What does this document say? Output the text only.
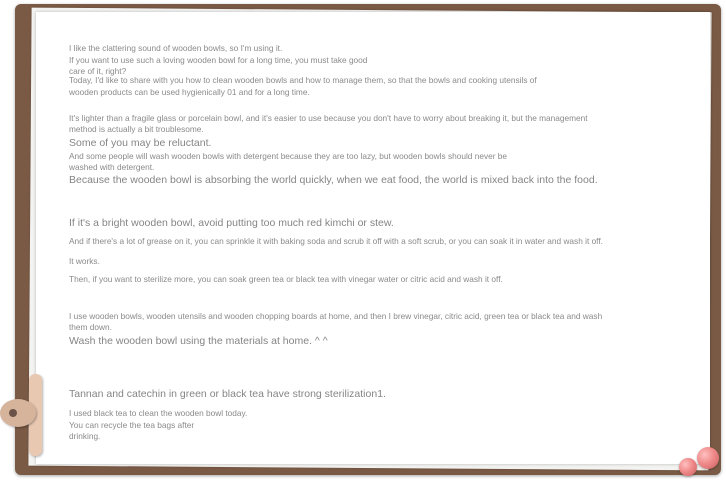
I like the clattering sound of wooden bowls, so I'm using it.
If you want to use such a loving wooden bowl for a long time, you must take good
care of it, right?
Today, I'd like to share with you how to clean wooden bowls and how to manage them, so that the bowls and cooking utensils of
wooden products can be used hygienically 01 and for a long time.
It's lighter than a fragile glass or porcelain bowl, and it's easier to use because you don't have to worry about breaking it, but the management
method is actually a bit troublesome.
Some of you may be reluctant.
And some people will wash wooden bowls with detergent because they are too lazy, but wooden bowls should never be
washed with detergent.
Because the wooden bowl is absorbing the world quickly, when we eat food, the world is mixed back into the food.
If it's a bright wooden bowl, avoid putting too much red kimchi or stew.
And if there's a lot of grease on it, you can sprinkle it with baking soda and scrub it off with a soft scrub, or you can soak it in water and wash it off.
It works.
Then, if you want to sterilize more, you can soak green tea or black tea with vinegar water or citric acid and wash it off.
I use wooden bowls, wooden utensils and wooden chopping boards at home, and then I brew vinegar, citric acid, green tea or black tea and wash
them down.
Wash the wooden bowl using the materials at home. ^ ^
Tannan and catechin in green or black tea have strong sterilization1.
I used black tea to clean the wooden bowl today.
You can recycle the tea bags after
drinking.
